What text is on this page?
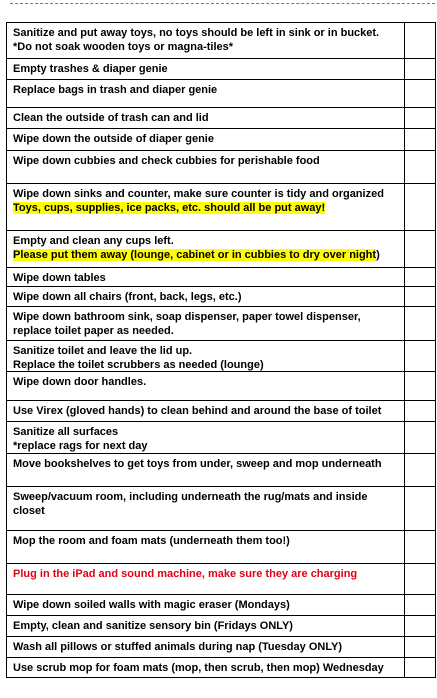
Sanitize and put away toys, no toys should be left in sink or in bucket.
*Do not soak wooden toys or magna-tiles*
Empty trashes & diaper genie
Replace bags in trash and diaper genie
Clean the outside of trash can and lid
Wipe down the outside of diaper genie
Wipe down cubbies and check cubbies for perishable food
Wipe down sinks and counter, make sure counter is tidy and organized
Toys, cups, supplies, ice packs, etc. should all be put away!
Empty and clean any cups left.
Please put them away (lounge, cabinet or in cubbies to dry over night)
Wipe down tables
Wipe down all chairs (front, back, legs, etc.)
Wipe down bathroom sink, soap dispenser, paper towel dispenser,
replace toilet paper as needed.
Sanitize toilet and leave the lid up.
Replace the toilet scrubbers as needed (lounge)
Wipe down door handles.
Use Virex (gloved hands) to clean behind and around the base of toilet
Sanitize all surfaces
*replace rags for next day
Move bookshelves to get toys from under, sweep and mop underneath
Sweep/vacuum room, including underneath the rug/mats and inside
closet
Mop the room and foam mats (underneath them too!)
Plug in the iPad and sound machine, make sure they are charging
Wipe down soiled walls with magic eraser (Mondays)
Empty, clean and sanitize sensory bin (Fridays ONLY)
Wash all pillows or stuffed animals during nap (Tuesday ONLY)
Use scrub mop for foam mats (mop, then scrub, then mop) Wednesday
